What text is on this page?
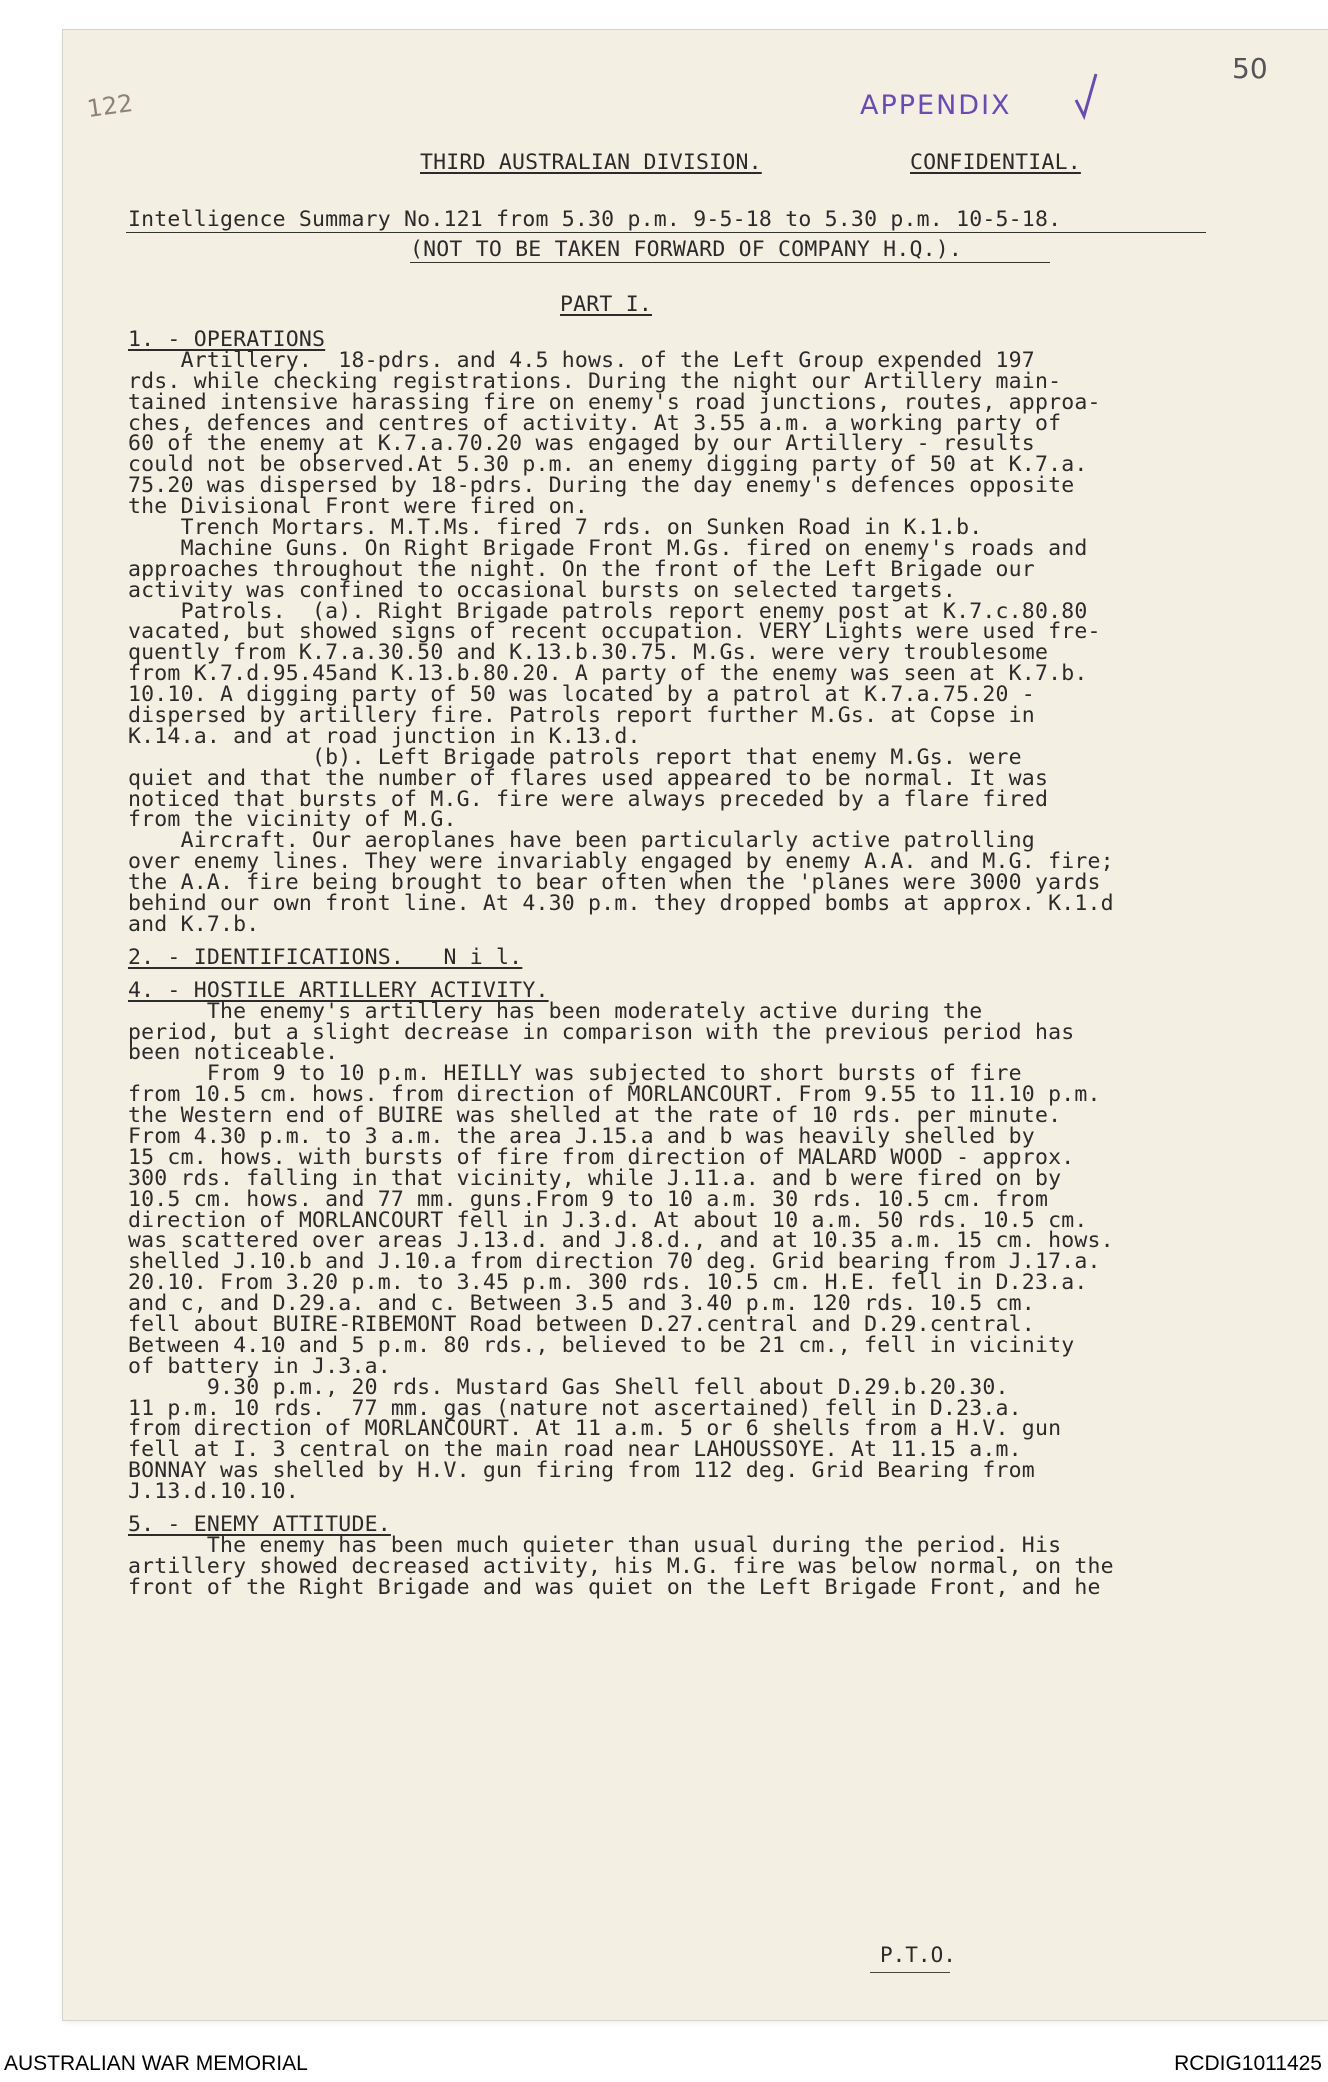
122
50
APPENDIX
THIRD AUSTRALIAN DIVISION.	CONFIDENTIAL.
Intelligence Summary No.121 from 5.30 p.m. 9-5-18 to 5.30 p.m. 10-5-18.
(NOT TO BE TAKEN FORWARD OF COMPANY H.Q.).
PART I.
1. - OPERATIONS
Artillery.  18-pdrs. and 4.5 hows. of the Left Group expended 197
rds. while checking registrations. During the night our Artillery main-
tained intensive harassing fire on enemy's road junctions, routes, approa-
ches, defences and centres of activity. At 3.55 a.m. a working party of
60 of the enemy at K.7.a.70.20 was engaged by our Artillery - results
could not be observed.At 5.30 p.m. an enemy digging party of 50 at K.7.a.
75.20 was dispersed by 18-pdrs. During the day enemy's defences opposite
the Divisional Front were fired on.
Trench Mortars. M.T.Ms. fired 7 rds. on Sunken Road in K.1.b.
Machine Guns. On Right Brigade Front M.Gs. fired on enemy's roads and
approaches throughout the night. On the front of the Left Brigade our
activity was confined to occasional bursts on selected targets.
Patrols.  (a). Right Brigade patrols report enemy post at K.7.c.80.80
vacated, but showed signs of recent occupation. VERY Lights were used fre-
quently from K.7.a.30.50 and K.13.b.30.75. M.Gs. were very troublesome
from K.7.d.95.45and K.13.b.80.20. A party of the enemy was seen at K.7.b.
10.10. A digging party of 50 was located by a patrol at K.7.a.75.20 -
dispersed by artillery fire. Patrols report further M.Gs. at Copse in
K.14.a. and at road junction in K.13.d.
(b). Left Brigade patrols report that enemy M.Gs. were
quiet and that the number of flares used appeared to be normal. It was
noticed that bursts of M.G. fire were always preceded by a flare fired
from the vicinity of M.G.
Aircraft. Our aeroplanes have been particularly active patrolling
over enemy lines. They were invariably engaged by enemy A.A. and M.G. fire;
the A.A. fire being brought to bear often when the 'planes were 3000 yards
behind our own front line. At 4.30 p.m. they dropped bombs at approx. K.1.d
and K.7.b.
2. - IDENTIFICATIONS.   N i l.
4. - HOSTILE ARTILLERY ACTIVITY.
The enemy's artillery has been moderately active during the
period, but a slight decrease in comparison with the previous period has
been noticeable.
From 9 to 10 p.m. HEILLY was subjected to short bursts of fire
from 10.5 cm. hows. from direction of MORLANCOURT. From 9.55 to 11.10 p.m.
the Western end of BUIRE was shelled at the rate of 10 rds. per minute.
From 4.30 p.m. to 3 a.m. the area J.15.a and b was heavily shelled by
15 cm. hows. with bursts of fire from direction of MALARD WOOD - approx.
300 rds. falling in that vicinity, while J.11.a. and b were fired on by
10.5 cm. hows. and 77 mm. guns.From 9 to 10 a.m. 30 rds. 10.5 cm. from
direction of MORLANCOURT fell in J.3.d. At about 10 a.m. 50 rds. 10.5 cm.
was scattered over areas J.13.d. and J.8.d., and at 10.35 a.m. 15 cm. hows.
shelled J.10.b and J.10.a from direction 70 deg. Grid bearing from J.17.a.
20.10. From 3.20 p.m. to 3.45 p.m. 300 rds. 10.5 cm. H.E. fell in D.23.a.
and c, and D.29.a. and c. Between 3.5 and 3.40 p.m. 120 rds. 10.5 cm.
fell about BUIRE-RIBEMONT Road between D.27.central and D.29.central.
Between 4.10 and 5 p.m. 80 rds., believed to be 21 cm., fell in vicinity
of battery in J.3.a.
9.30 p.m., 20 rds. Mustard Gas Shell fell about D.29.b.20.30.
11 p.m. 10 rds.  77 mm. gas (nature not ascertained) fell in D.23.a.
from direction of MORLANCOURT. At 11 a.m. 5 or 6 shells from a H.V. gun
fell at I. 3 central on the main road near LAHOUSSOYE. At 11.15 a.m.
BONNAY was shelled by H.V. gun firing from 112 deg. Grid Bearing from
J.13.d.10.10.
5. - ENEMY ATTITUDE.
The enemy has been much quieter than usual during the period. His
artillery showed decreased activity, his M.G. fire was below normal, on the
front of the Right Brigade and was quiet on the Left Brigade Front, and he
P.T.O.
AUSTRALIAN WAR MEMORIAL	RCDIG1011425
